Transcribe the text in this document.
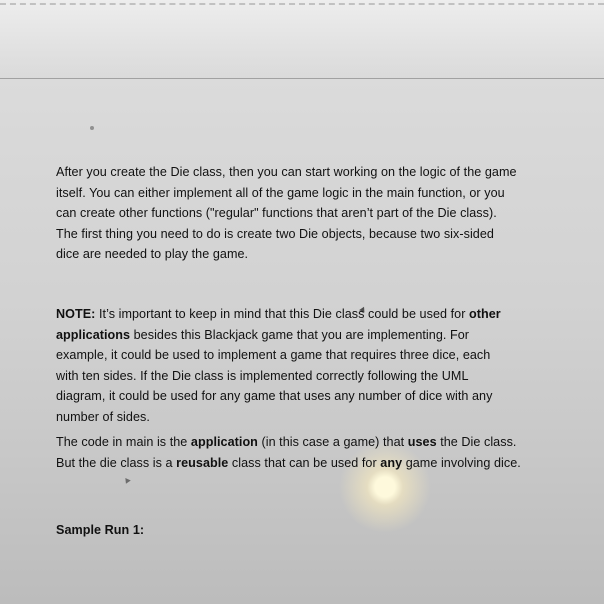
After you create the Die class, then you can start working on the logic of the game
itself. You can either implement all of the game logic in the main function, or you
can create other functions ("regular" functions that aren’t part of the Die class).
The first thing you need to do is create two Die objects, because two six-sided
dice are needed to play the game.
NOTE: It’s important to keep in mind that this Die class could be used for other
applications besides this Blackjack game that you are implementing. For
example, it could be used to implement a game that requires three dice, each
with ten sides. If the Die class is implemented correctly following the UML
diagram, it could be used for any game that uses any number of dice with any
number of sides.
The code in main is the application (in this case a game) that uses the Die class.
But the die class is a reusable class that can be used for any game involving dice.
Sample Run 1:
